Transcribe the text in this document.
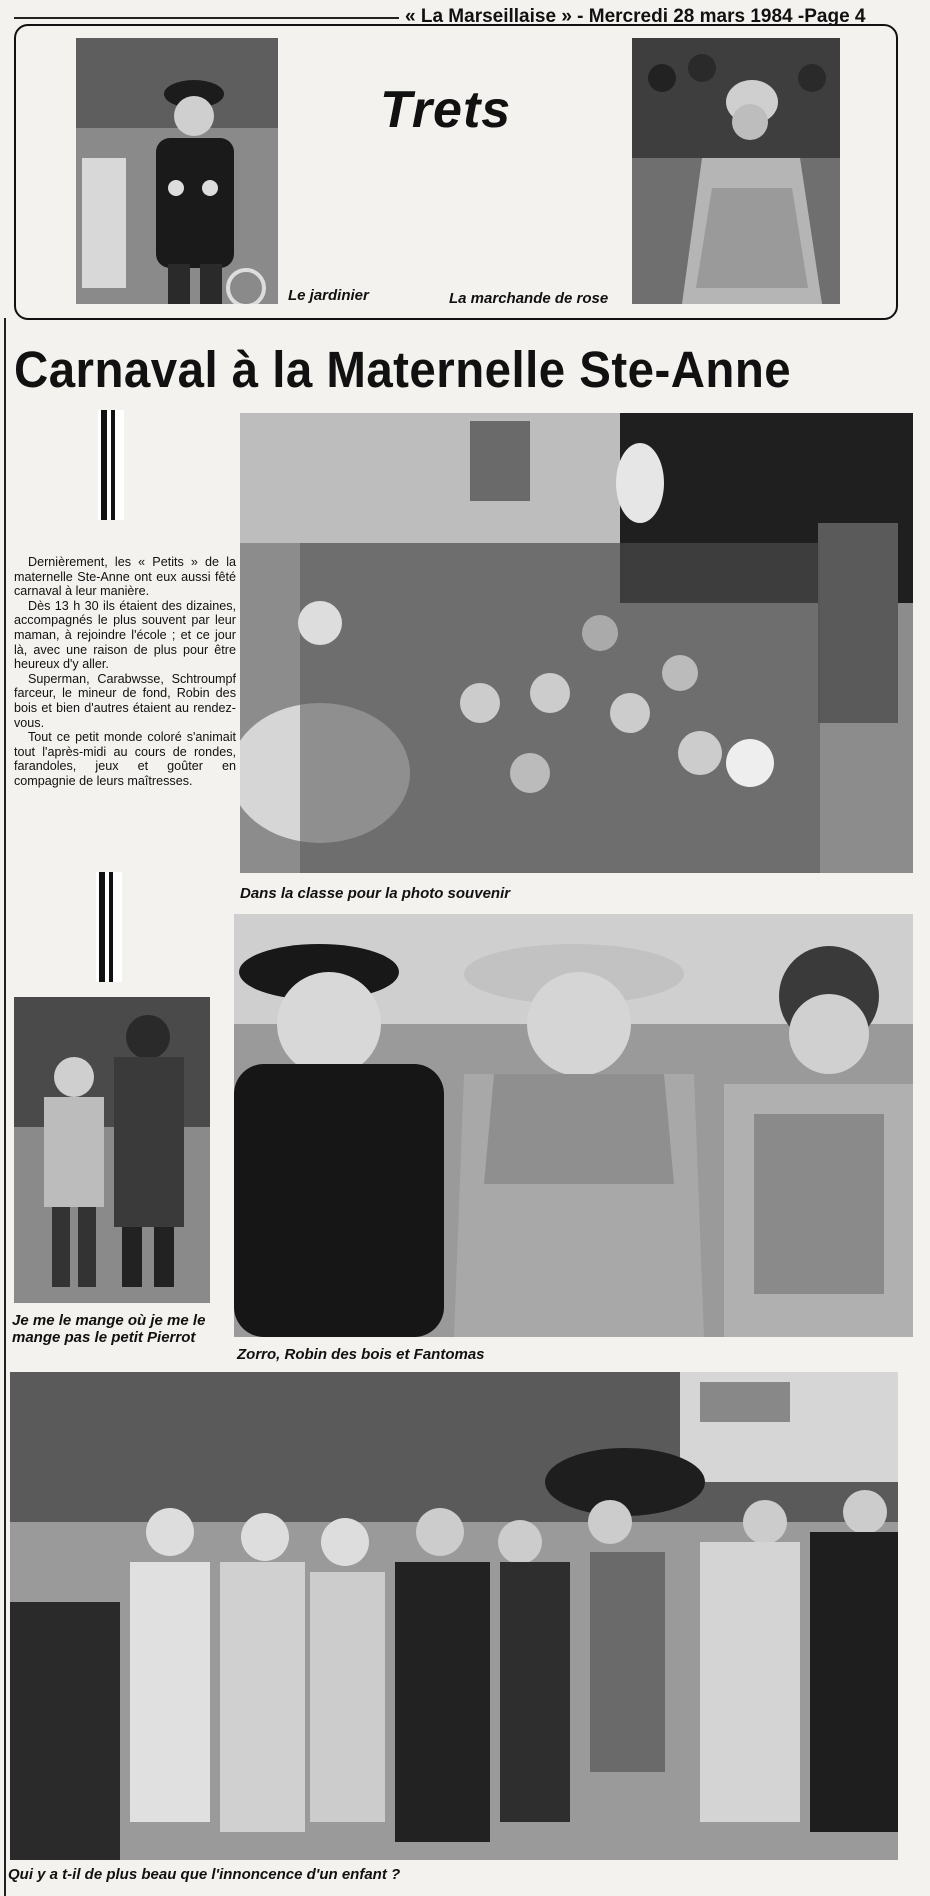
« La Marseillaise » - Mercredi 28 mars 1984 -Page 4
Le jardinier
Trets
La marchande de rose
Carnaval à la Maternelle Ste-Anne

Dernièrement, les « Petits » de la maternelle Ste-Anne ont eux aussi fêté carnaval à leur manière.

Dès 13 h 30 ils étaient des dizaines, accompagnés le plus souvent par leur maman, à rejoindre l'école ; et ce jour là, avec une raison de plus pour être heureux d'y aller.

Superman, Carabwsse, Schtroumpf farceur, le mineur de fond, Robin des bois et bien d'autres étaient au rendez-vous.

Tout ce petit monde coloré s'animait tout l'après-midi au cours de rondes, farandoles, jeux et goûter en compagnie de leurs maîtresses.

Dans la classe pour la photo souvenir
Je me le mange où je me le mange pas le petit Pierrot
Zorro, Robin des bois et Fantomas
Qui y a t-il de plus beau que l'innoncence d'un enfant ?
